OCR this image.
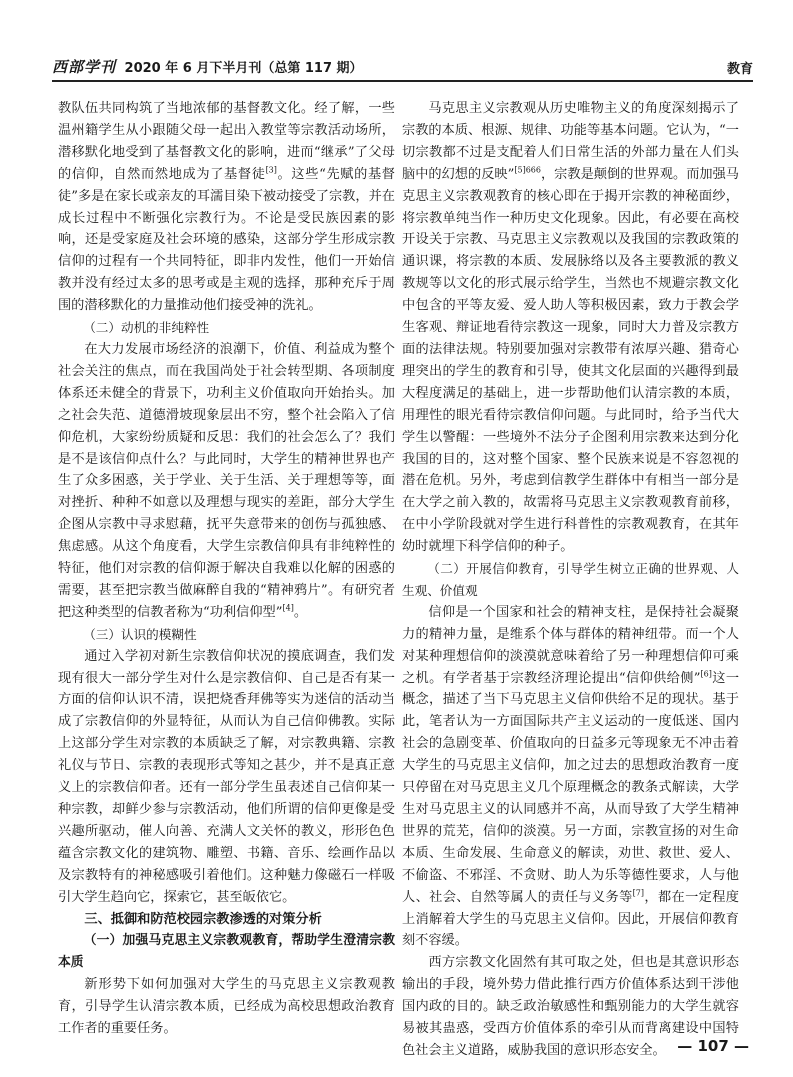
西部学刊 2020 年 6 月下半月刊（总第 117 期）	教育

教队伍共同构筑了当地浓郁的基督教文化。经了解，一些温州籍学生从小跟随父母一起出入教堂等宗教活动场所，潜移默化地受到了基督教文化的影响，进而“继承”了父母的信仰，自然而然地成为了基督徒[3]。这些“先赋的基督徒”多是在家长或亲友的耳濡目染下被动接受了宗教，并在成长过程中不断强化宗教行为。不论是受民族因素的影响，还是受家庭及社会环境的感染，这部分学生形成宗教信仰的过程有一个共同特征，即非内发性，他们一开始信教并没有经过太多的思考或是主观的选择，那种充斥于周围的潜移默化的力量推动他们接受神的洗礼。

（二）动机的非纯粹性

在大力发展市场经济的浪潮下，价值、利益成为整个社会关注的焦点，而在我国尚处于社会转型期、各项制度体系还未健全的背景下，功利主义价值取向开始抬头。加之社会失范、道德滑坡现象层出不穷，整个社会陷入了信仰危机，大家纷纷质疑和反思：我们的社会怎么了？我们是不是该信仰点什么？与此同时，大学生的精神世界也产生了众多困惑，关于学业、关于生活、关于理想等等，面对挫折、种种不如意以及理想与现实的差距，部分大学生企图从宗教中寻求慰藉，抚平失意带来的创伤与孤独感、焦虑感。从这个角度看，大学生宗教信仰具有非纯粹性的特征，他们对宗教的信仰源于解决自我难以化解的困惑的需要，甚至把宗教当做麻醉自我的“精神鸦片”。有研究者把这种类型的信教者称为“功利信仰型”[4]。

（三）认识的模糊性

通过入学初对新生宗教信仰状况的摸底调查，我们发现有很大一部分学生对什么是宗教信仰、自己是否有某一方面的信仰认识不清，误把烧香拜佛等实为迷信的活动当成了宗教信仰的外显特征，从而认为自己信仰佛教。实际上这部分学生对宗教的本质缺乏了解，对宗教典籍、宗教礼仪与节日、宗教的表现形式等知之甚少，并不是真正意义上的宗教信仰者。还有一部分学生虽表述自己信仰某一种宗教，却鲜少参与宗教活动，他们所谓的信仰更像是受兴趣所驱动，催人向善、充满人文关怀的教义，形形色色蕴含宗教文化的建筑物、雕塑、书籍、音乐、绘画作品以及宗教特有的神秘感吸引着他们。这种魅力像磁石一样吸引大学生趋向它，探索它，甚至皈依它。

三、抵御和防范校园宗教渗透的对策分析
（一）加强马克思主义宗教观教育，帮助学生澄清宗教本质

新形势下如何加强对大学生的马克思主义宗教观教育，引导学生认清宗教本质，已经成为高校思想政治教育工作者的重要任务。

马克思主义宗教观从历史唯物主义的角度深刻揭示了宗教的本质、根源、规律、功能等基本问题。它认为，“一切宗教都不过是支配着人们日常生活的外部力量在人们头脑中的幻想的反映”$^{[5]666}$，宗教是颠倒的世界观。而加强马克思主义宗教观教育的核心即在于揭开宗教的神秘面纱，将宗教单纯当作一种历史文化现象。因此，有必要在高校开设关于宗教、马克思主义宗教观以及我国的宗教政策的通识课，将宗教的本质、发展脉络以及各主要教派的教义教规等以文化的形式展示给学生，当然也不规避宗教文化中包含的平等友爱、爱人助人等积极因素，致力于教会学生客观、辩证地看待宗教这一现象，同时大力普及宗教方面的法律法规。特别要加强对宗教带有浓厚兴趣、猎奇心理突出的学生的教育和引导，使其文化层面的兴趣得到最大程度满足的基础上，进一步帮助他们认清宗教的本质，用理性的眼光看待宗教信仰问题。与此同时，给予当代大学生以警醒：一些境外不法分子企图利用宗教来达到分化我国的目的，这对整个国家、整个民族来说是不容忽视的潜在危机。另外，考虑到信教学生群体中有相当一部分是在大学之前入教的，故需将马克思主义宗教观教育前移，在中小学阶段就对学生进行科普性的宗教观教育，在其年幼时就埋下科学信仰的种子。

（二）开展信仰教育，引导学生树立正确的世界观、人生观、价值观

信仰是一个国家和社会的精神支柱，是保持社会凝聚力的精神力量，是维系个体与群体的精神纽带。而一个人对某种理想信仰的淡漠就意味着给了另一种理想信仰可乘之机。有学者基于宗教经济理论提出“信仰供给侧”[6]这一概念，描述了当下马克思主义信仰供给不足的现状。基于此，笔者认为一方面国际共产主义运动的一度低迷、国内社会的急剧变革、价值取向的日益多元等现象无不冲击着大学生的马克思主义信仰，加之过去的思想政治教育一度只停留在对马克思主义几个原理概念的教条式解读，大学生对马克思主义的认同感并不高，从而导致了大学生精神世界的荒芜，信仰的淡漠。另一方面，宗教宣扬的对生命本质、生命发展、生命意义的解读，劝世、救世、爱人、不偷盗、不邪淫、不贪财、助人为乐等德性要求，人与他人、社会、自然等属人的责任与义务等[7]，都在一定程度上消解着大学生的马克思主义信仰。因此，开展信仰教育刻不容缓。

西方宗教文化固然有其可取之处，但也是其意识形态输出的手段，境外势力借此推行西方价值体系达到干涉他国内政的目的。缺乏政治敏感性和甄别能力的大学生就容易被其蛊惑，受西方价值体系的牵引从而背离建设中国特色社会主义道路，威胁我国的意识形态安全。 — 107 —
